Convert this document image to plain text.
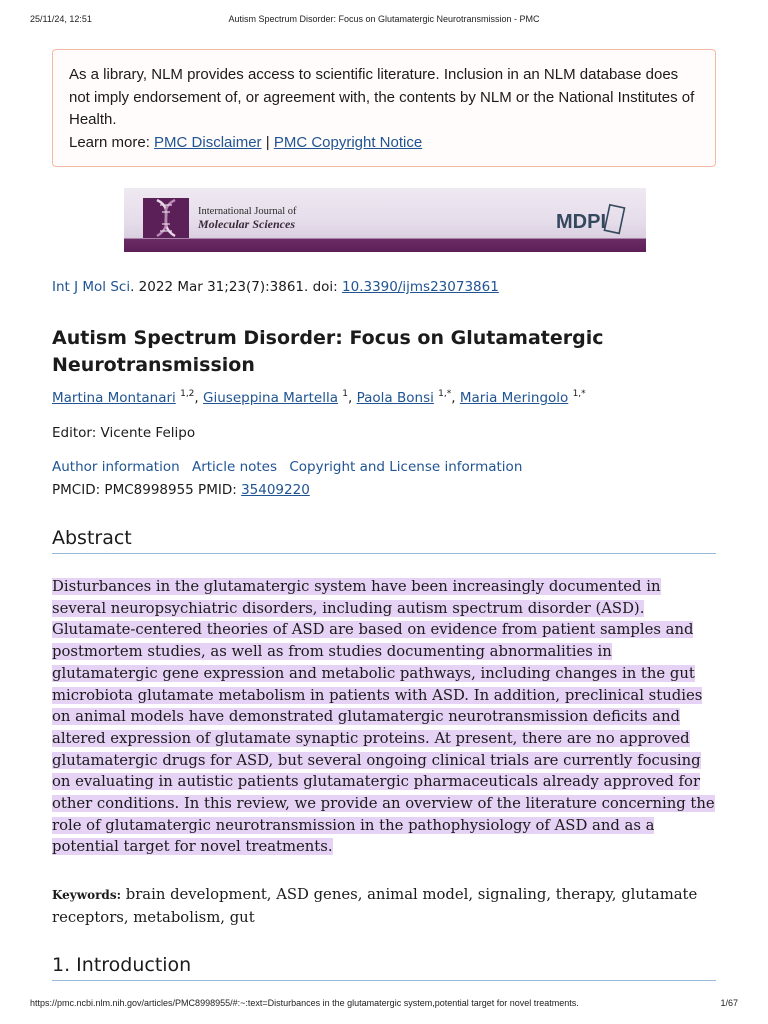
25/11/24, 12:51	Autism Spectrum Disorder: Focus on Glutamatergic Neurotransmission - PMC
As a library, NLM provides access to scientific literature. Inclusion in an NLM database does not imply endorsement of, or agreement with, the contents by NLM or the National Institutes of Health.
Learn more: PMC Disclaimer | PMC Copyright Notice
International Journal of
Molecular Sciences	MDPI
Int J Mol Sci. 2022 Mar 31;23(7):3861. doi: 10.3390/ijms23073861
Autism Spectrum Disorder: Focus on Glutamatergic Neurotransmission
Martina Montanari $^{1,2}$, Giuseppina Martella $^1$, Paola Bonsi $^{1,*}$, Maria Meringolo $^{1,*}$
Editor: Vicente Felipo
Author information Article notes Copyright and License information
PMCID: PMC8998955 PMID: 35409220
Abstract
Disturbances in the glutamatergic system have been increasingly documented in several neuropsychiatric disorders, including autism spectrum disorder (ASD). Glutamate-centered theories of ASD are based on evidence from patient samples and postmortem studies, as well as from studies documenting abnormalities in glutamatergic gene expression and metabolic pathways, including changes in the gut microbiota glutamate metabolism in patients with ASD. In addition, preclinical studies on animal models have demonstrated glutamatergic neurotransmission deficits and altered expression of glutamate synaptic proteins. At present, there are no approved glutamatergic drugs for ASD, but several ongoing clinical trials are currently focusing on evaluating in autistic patients glutamatergic pharmaceuticals already approved for other conditions. In this review, we provide an overview of the literature concerning the role of glutamatergic neurotransmission in the pathophysiology of ASD and as a potential target for novel treatments.
Keywords: brain development, ASD genes, animal model, signaling, therapy, glutamate receptors, metabolism, gut
1. Introduction
https://pmc.ncbi.nlm.nih.gov/articles/PMC8998955/#:~:text=Disturbances in the glutamatergic system,potential target for novel treatments.	1/67
